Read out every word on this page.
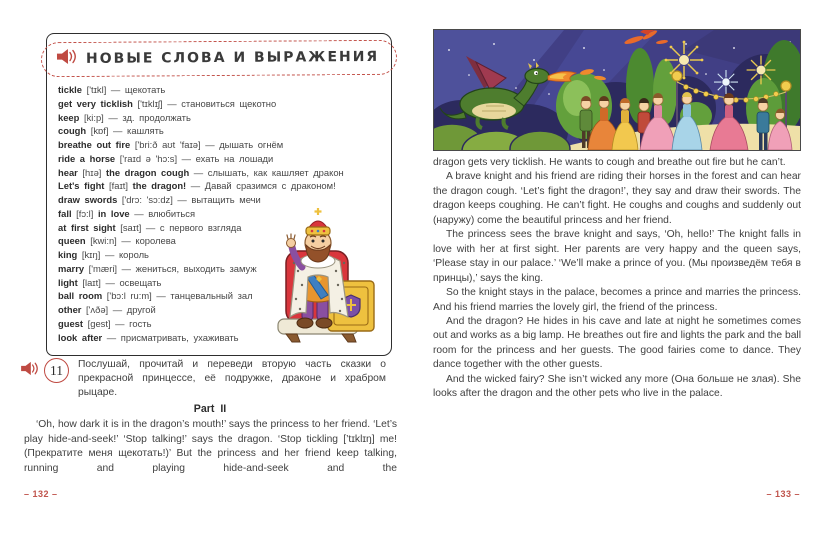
НОВЫЕ СЛОВА И ВЫРАЖЕНИЯ
tickle ['tɪkl] — щекотать
get very ticklish ['tɪklɪʃ] — становиться щекотно
keep [ki:p] — зд. продолжать
cough [kɒf] — кашлять
breathe out fire ['bri:ð aʊt 'faɪə] — дышать огнём
ride a horse ['raɪd ə 'hɔ:s] — ехать на лошади
hear [hɪə] the dragon cough — слышать, как кашляет дракон
Let's fight [faɪt] the dragon! — Давай сразимся с драконом!
draw swords ['drɔ: 'sɔ:dz] — вытащить мечи
fall [fɔ:l] in love — влюбиться
at first sight [saɪt] — с первого взгляда
queen [kwi:n] — королева
king [kɪŋ] — король
marry ['mæri] — жениться, выходить замуж
light [laɪt] — освещать
ball room ['bɔ:l ru:m] — танцевальный зал
other ['ʌðə] — другой
guest [gest] — гость
look after — присматривать, ухаживать
11	Послушай, прочитай и переведи вторую часть сказки о прекрасной принцессе, её подружке, драконе и храбром рыцаре.
Part II
‘Oh, how dark it is in the dragon’s mouth!’ says the princess to her friend. ‘Let’s play hide-and-seek!’ ‘Stop talking!’ says the dragon. ‘Stop tickling [’tɪklɪŋ] me! (Прекратите меня щекотать!)’ But the princess and her friend keep talking, running and playing hide-and-seek and the
– 132 –

dragon gets very ticklish. He wants to cough and breathe out fire but he can’t.

A brave knight and his friend are riding their horses in the forest and can hear the dragon cough. ‘Let’s fight the dragon!’, they say and draw their swords. The dragon keeps coughing. He can’t fight. He coughs and coughs and suddenly out (наружу) come the beautiful princess and her friend.

The princess sees the brave knight and says, ‘Oh, hello!’ The knight falls in love with her at first sight. Her parents are very happy and the queen says, ‘Please stay in our palace.’ ‘We’ll make a prince of you. (Мы произведём тебя в принцы),’ says the king.

So the knight stays in the palace, becomes a prince and marries the princess. And his friend marries the lovely girl, the friend of the princess.

And the dragon? He hides in his cave and late at night he sometimes comes out and works as a big lamp. He breathes out fire and lights the park and the ball room for the princess and her guests. The good fairies come to dance. They dance together with the other guests.

And the wicked fairy? She isn’t wicked any more (Она больше не злая). She looks after the dragon and the other pets who live in the palace.

– 133 –
